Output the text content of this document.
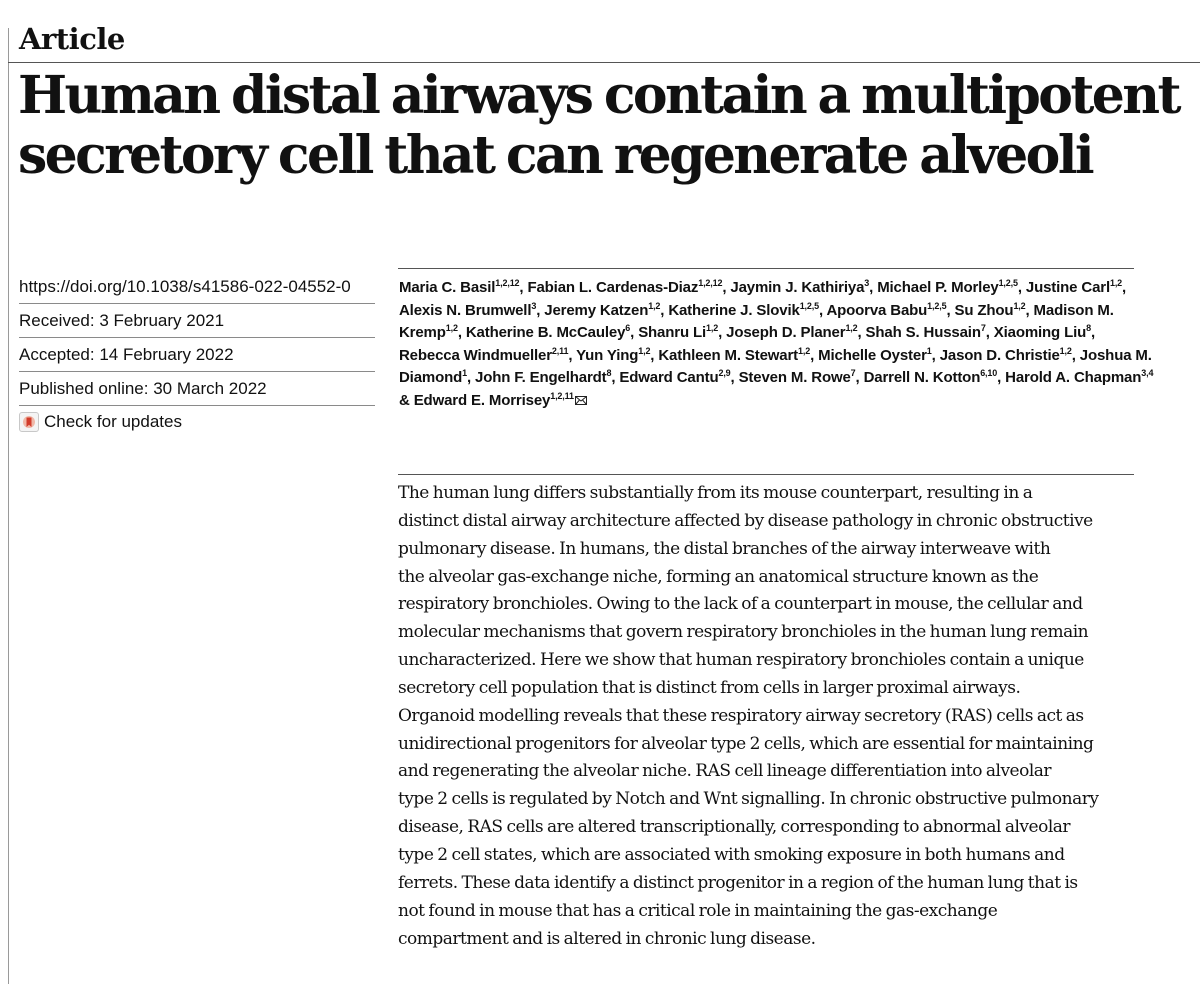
Article
Human distal airways contain a multipotent
secretory cell that can regenerate alveoli
https://doi.org/10.1038/s41586-022-04552-0
Received: 3 February 2021
Accepted: 14 February 2022
Published online: 30 March 2022
Check for updates

Maria C. Basil$^{1,2,12}$, Fabian L. Cardenas-Diaz$^{1,2,12}$, Jaymin J. Kathiriya$^3$, Michael P. Morley$^{1,2,5}$, Justine Carl$^{1,2}$, Alexis N. Brumwell$^3$, Jeremy Katzen$^{1,2}$, Katherine J. Slovik$^{1,2,5}$, Apoorva Babu$^{1,2,5}$, Su Zhou$^{1,2}$, Madison M. Kremp$^{1,2}$, Katherine B. McCauley$^6$, Shanru Li$^{1,2}$, Joseph D. Planer$^{1,2}$, Shah S. Hussain$^7$, Xiaoming Liu$^8$, Rebecca Windmueller$^{2,11}$, Yun Ying$^{1,2}$, Kathleen M. Stewart$^{1,2}$, Michelle Oyster$^1$, Jason D. Christie$^{1,2}$, Joshua M. Diamond$^1$, John F. Engelhardt$^8$, Edward Cantu$^{2,9}$, Steven M. Rowe$^7$, Darrell N. Kotton$^{6,10}$, Harold A. Chapman$^{3,4}$ & Edward E. Morrisey$^{1,2,11}$

The human lung differs substantially from its mouse counterpart, resulting in a
distinct distal airway architecture affected by disease pathology in chronic obstructive
pulmonary disease. In humans, the distal branches of the airway interweave with
the alveolar gas-exchange niche, forming an anatomical structure known as the
respiratory bronchioles. Owing to the lack of a counterpart in mouse, the cellular and
molecular mechanisms that govern respiratory bronchioles in the human lung remain
uncharacterized. Here we show that human respiratory bronchioles contain a unique
secretory cell population that is distinct from cells in larger proximal airways.
Organoid modelling reveals that these respiratory airway secretory (RAS) cells act as
unidirectional progenitors for alveolar type 2 cells, which are essential for maintaining
and regenerating the alveolar niche. RAS cell lineage differentiation into alveolar
type 2 cells is regulated by Notch and Wnt signalling. In chronic obstructive pulmonary
disease, RAS cells are altered transcriptionally, corresponding to abnormal alveolar
type 2 cell states, which are associated with smoking exposure in both humans and
ferrets. These data identify a distinct progenitor in a region of the human lung that is
not found in mouse that has a critical role in maintaining the gas-exchange
compartment and is altered in chronic lung disease.
